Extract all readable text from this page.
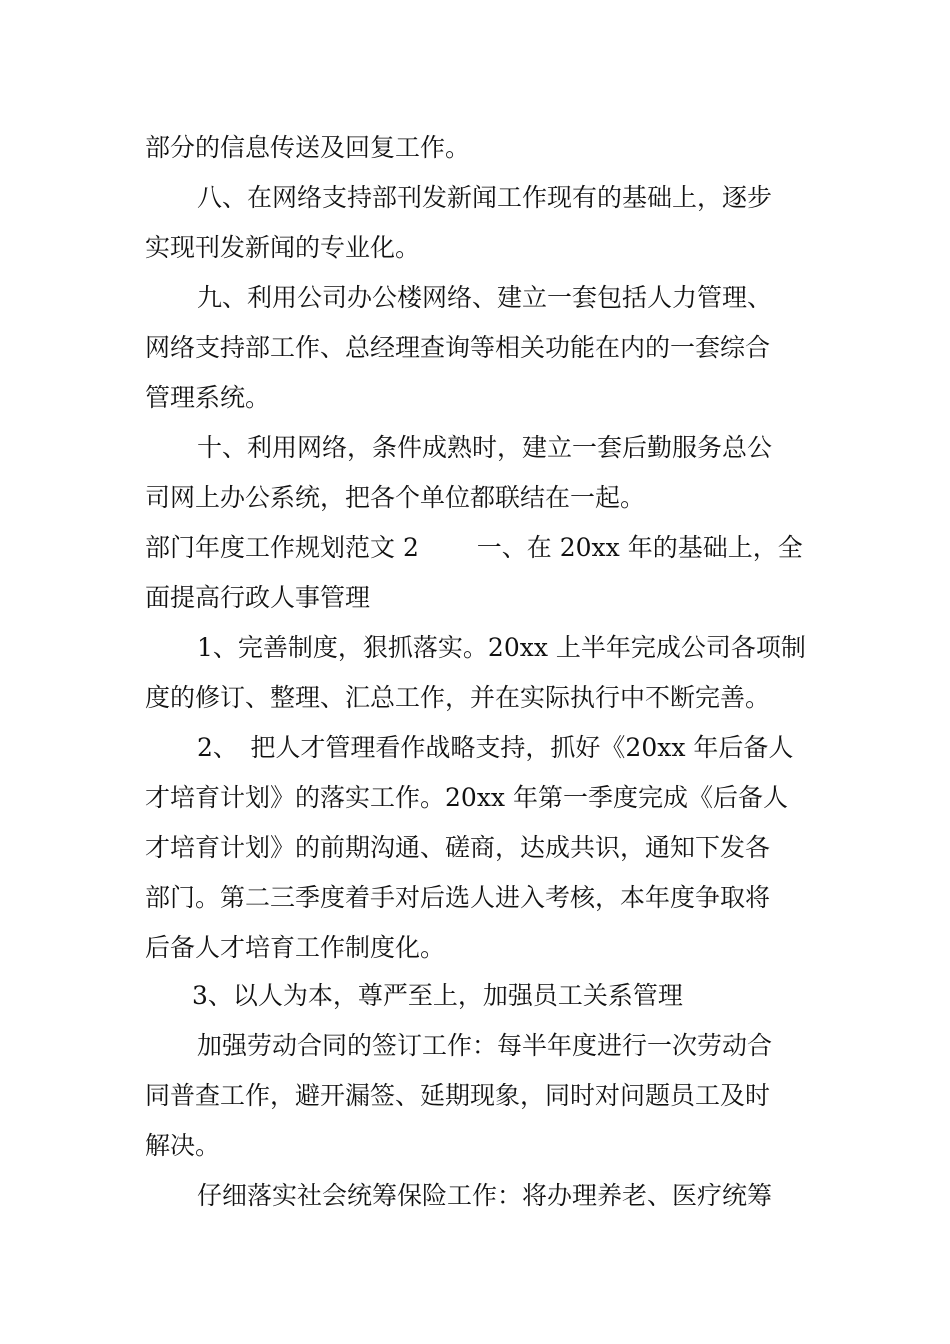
部分的信息传送及回复工作。
八、在网络支持部刊发新闻工作现有的基础上，逐步
实现刊发新闻的专业化。
九、利用公司办公楼网络、建立一套包括人力管理、
网络支持部工作、总经理查询等相关功能在内的一套综合
管理系统。
十、利用网络，条件成熟时，建立一套后勤服务总公
司网上办公系统，把各个单位都联结在一起。
部门年度工作规划范文 2　　 一、在 20xx 年的基础上，全
面提高行政人事管理
1、完善制度，狠抓落实。20xx 上半年完成公司各项制
度的修订、整理、汇总工作，并在实际执行中不断完善。
2、　把人才管理看作战略支持，抓好《20xx 年后备人
才培育计划》的落实工作。20xx 年第一季度完成《后备人
才培育计划》的前期沟通、磋商，达成共识，通知下发各
部门。第二三季度着手对后选人进入考核，本年度争取将
后备人才培育工作制度化。
3、以人为本，尊严至上，加强员工关系管理
加强劳动合同的签订工作：每半年度进行一次劳动合
同普查工作，避开漏签、延期现象，同时对问题员工及时
解决。
仔细落实社会统筹保险工作：将办理养老、医疗统筹
